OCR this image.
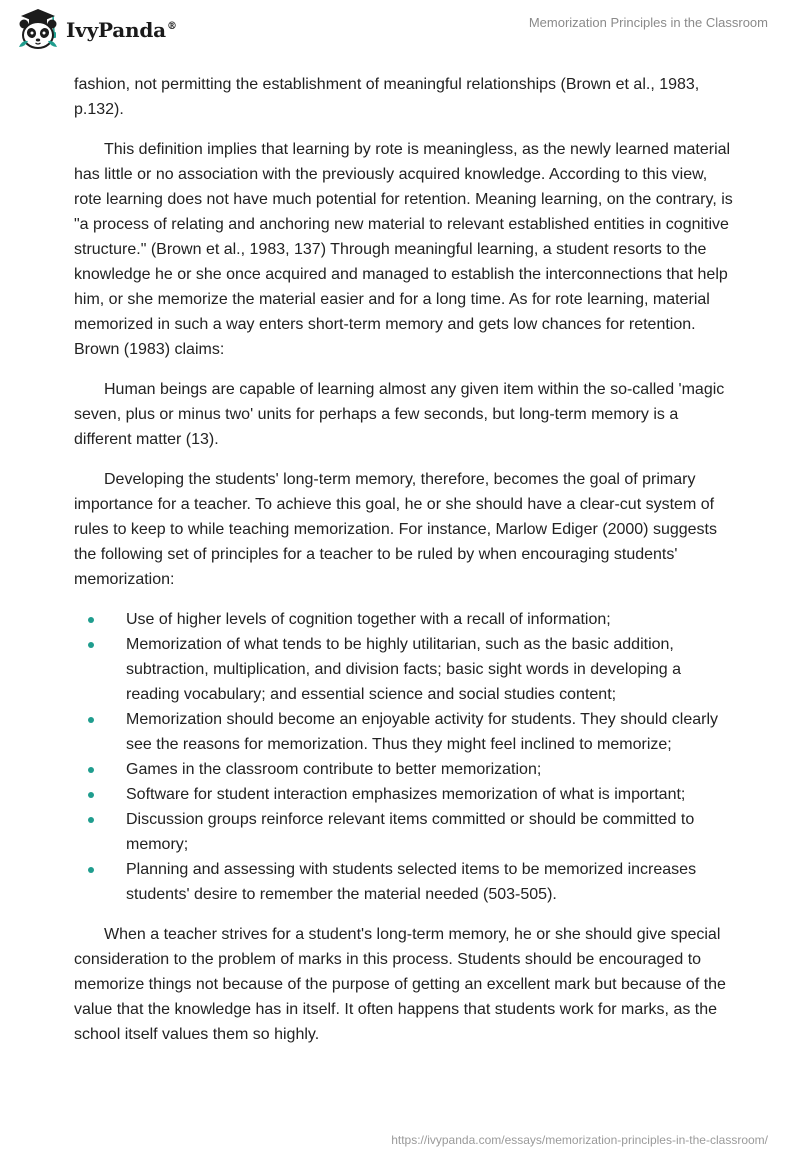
IvyPanda®	Memorization Principles in the Classroom

fashion, not permitting the establishment of meaningful relationships (Brown et al., 1983, p.132).

This definition implies that learning by rote is meaningless, as the newly learned material has little or no association with the previously acquired knowledge. According to this view, rote learning does not have much potential for retention. Meaning learning, on the contrary, is "a process of relating and anchoring new material to relevant established entities in cognitive structure." (Brown et al., 1983, 137) Through meaningful learning, a student resorts to the knowledge he or she once acquired and managed to establish the interconnections that help him, or she memorize the material easier and for a long time. As for rote learning, material memorized in such a way enters short-term memory and gets low chances for retention. Brown (1983) claims:

Human beings are capable of learning almost any given item within the so-called 'magic seven, plus or minus two' units for perhaps a few seconds, but long-term memory is a different matter (13).

Developing the students' long-term memory, therefore, becomes the goal of primary importance for a teacher. To achieve this goal, he or she should have a clear-cut system of rules to keep to while teaching memorization. For instance, Marlow Ediger (2000) suggests the following set of principles for a teacher to be ruled by when encouraging students' memorization:

Use of higher levels of cognition together with a recall of information;
Memorization of what tends to be highly utilitarian, such as the basic addition, subtraction, multiplication, and division facts; basic sight words in developing a reading vocabulary; and essential science and social studies content;
Memorization should become an enjoyable activity for students. They should clearly see the reasons for memorization. Thus they might feel inclined to memorize;
Games in the classroom contribute to better memorization;
Software for student interaction emphasizes memorization of what is important;
Discussion groups reinforce relevant items committed or should be committed to memory;
Planning and assessing with students selected items to be memorized increases students' desire to remember the material needed (503-505).

When a teacher strives for a student's long-term memory, he or she should give special consideration to the problem of marks in this process. Students should be encouraged to memorize things not because of the purpose of getting an excellent mark but because of the value that the knowledge has in itself. It often happens that students work for marks, as the school itself values them so highly.

https://ivypanda.com/essays/memorization-principles-in-the-classroom/
